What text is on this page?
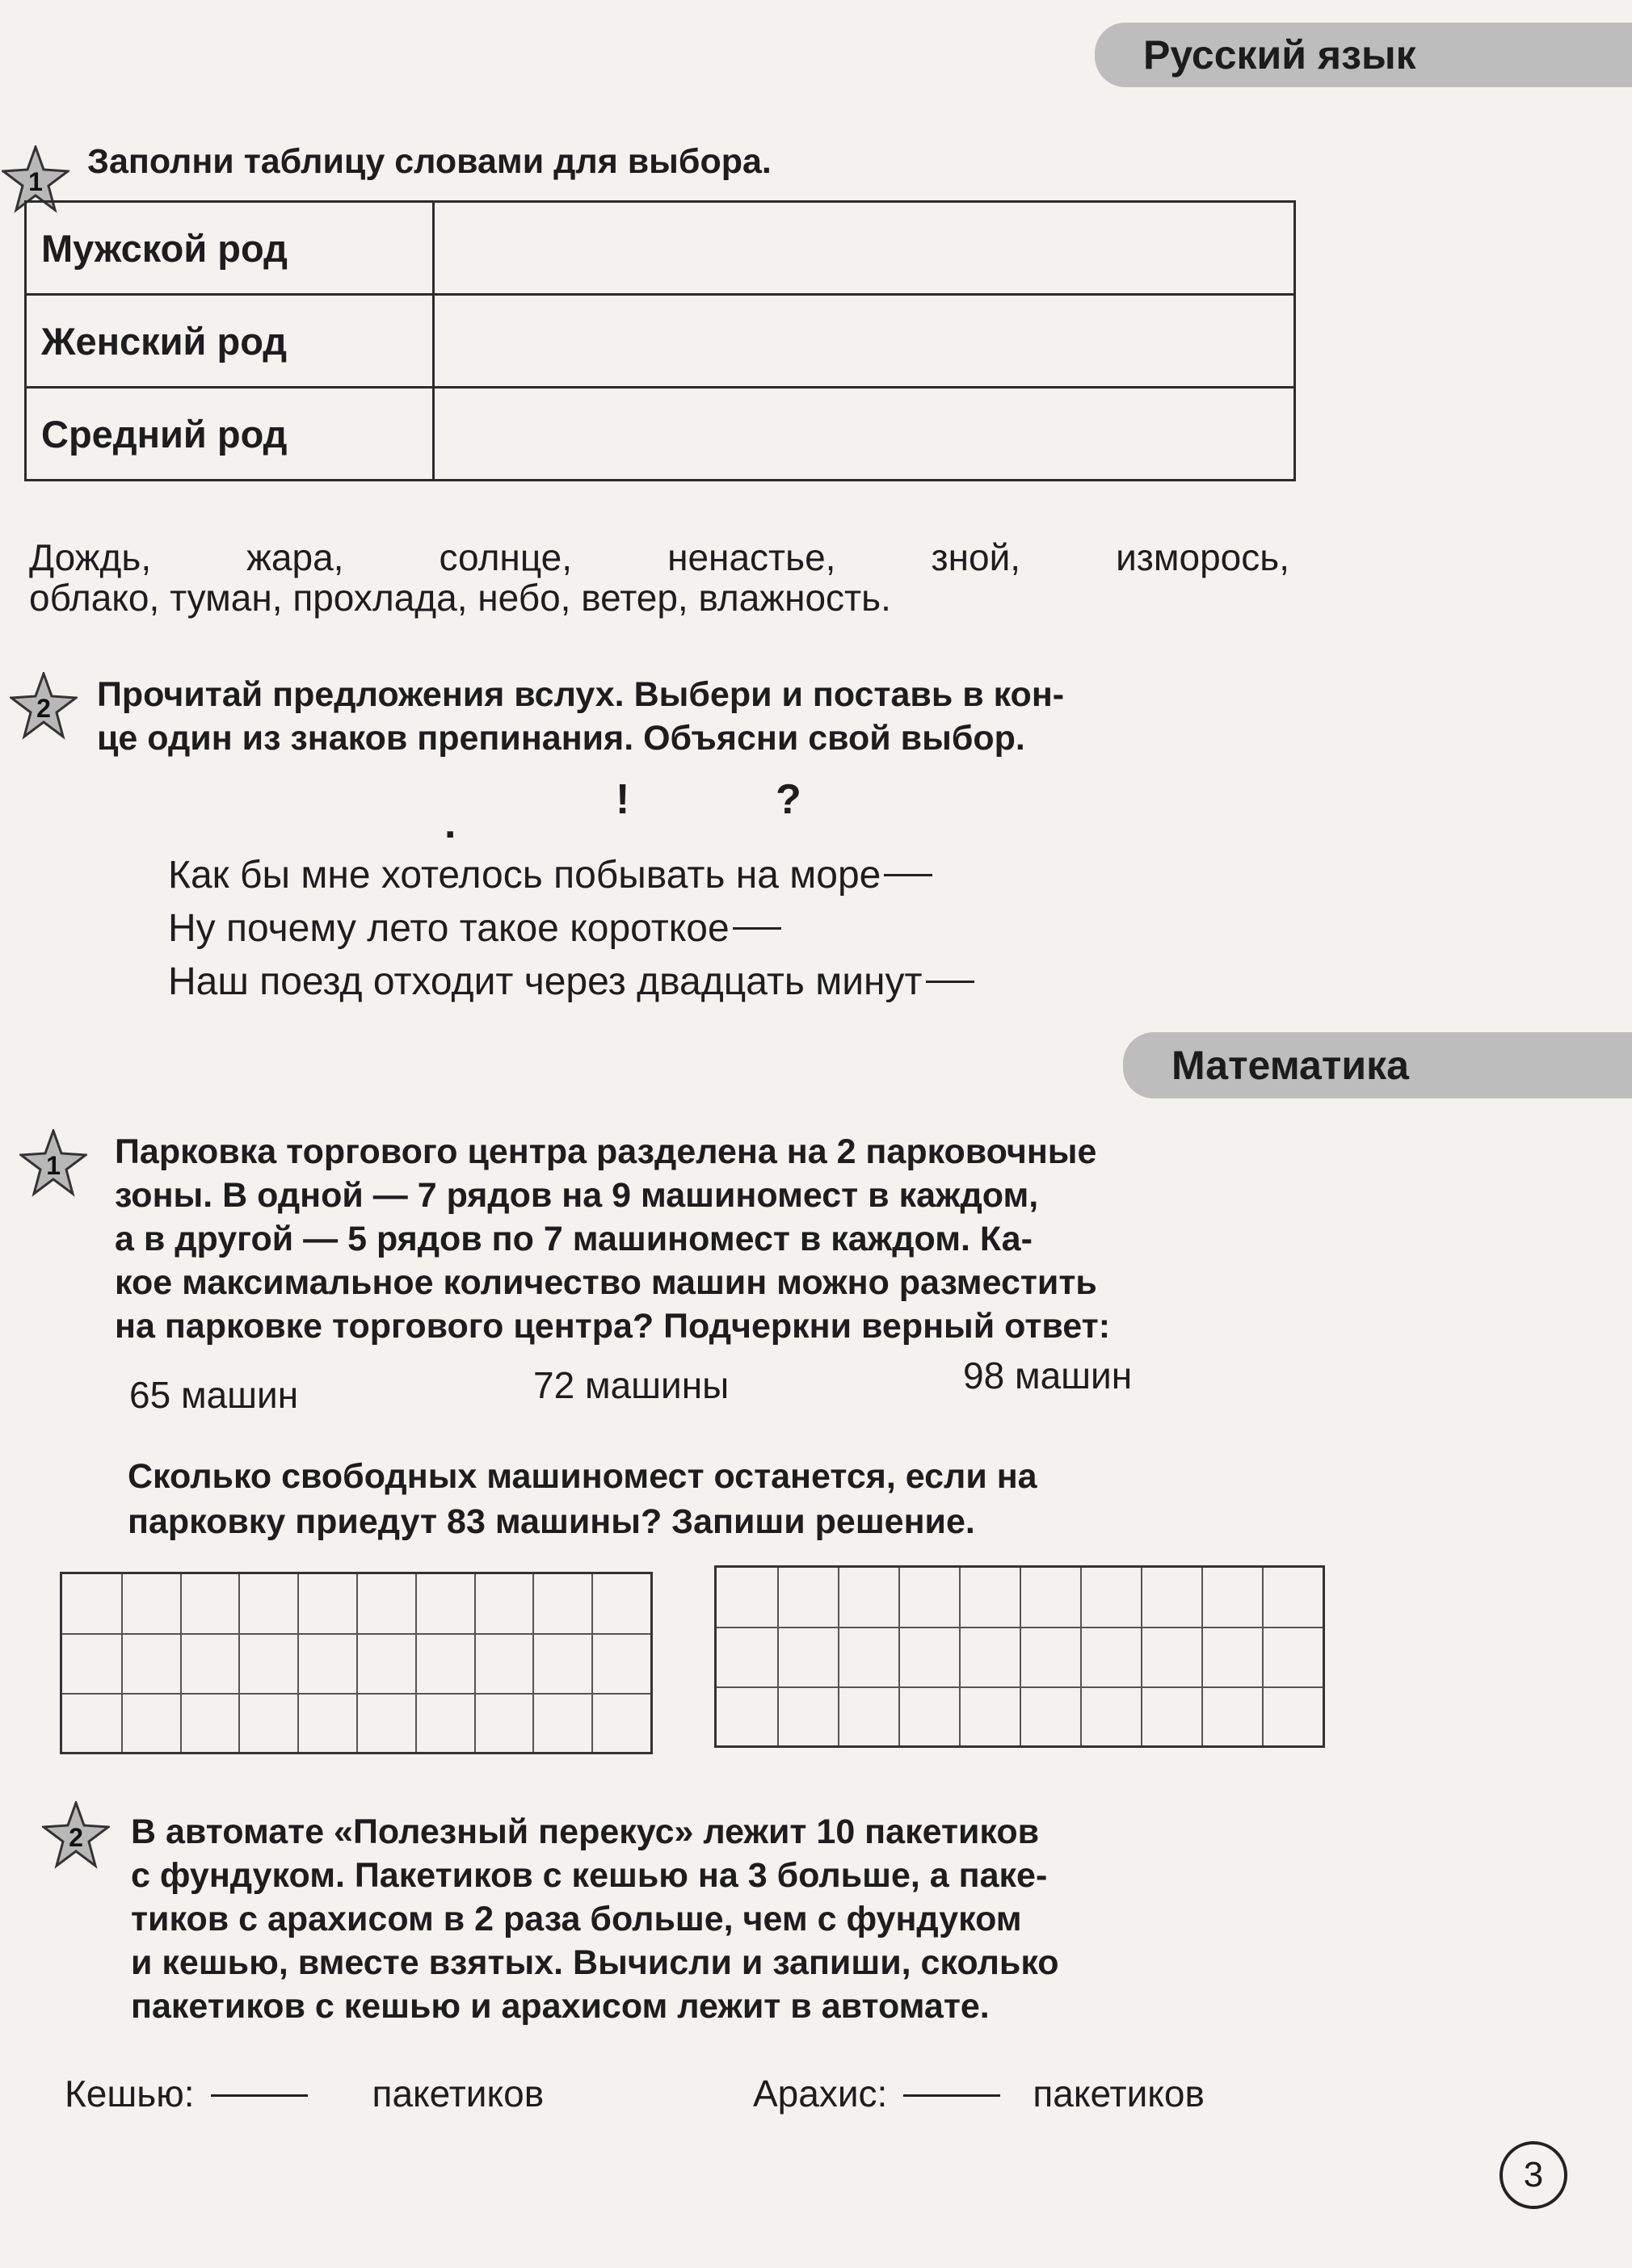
Русский язык
Математика
1
Заполни таблицу словами для выбора.
Мужской род	
Женский род	
Средний род	
Дождь, жара, солнце, ненастье, зной, изморось,
облако, туман, прохлада, небо, ветер, влажность.
2	Прочитай предложения вслух. Выбери и поставь в кон-
це один из знаков препинания. Объясни свой выбор.
.
!	?
Как бы мне хотелось побывать на море
Ну почему лето такое короткое
Наш поезд отходит через двадцать минут
1	Парковка торгового центра разделена на 2 парковочные
зоны. В одной — 7 рядов на 9 машиномест в каждом,
а в другой — 5 рядов по 7 машиномест в каждом. Ка-
кое максимальное количество машин можно разместить
на парковке торгового центра? Подчеркни верный ответ:
65 машин	72 машины	98 машин
Сколько свободных машиномест останется, если на
парковку приедут 83 машины? Запиши решение.
2	В автомате «Полезный перекус» лежит 10 пакетиков
с фундуком. Пакетиков с кешью на 3 больше, а паке-
тиков с арахисом в 2 раза больше, чем с фундуком
и кешью, вместе взятых. Вычисли и запиши, сколько
пакетиков с кешью и арахисом лежит в автомате.
Кешью:	пакетиков	Арахис:	пакетиков
3
